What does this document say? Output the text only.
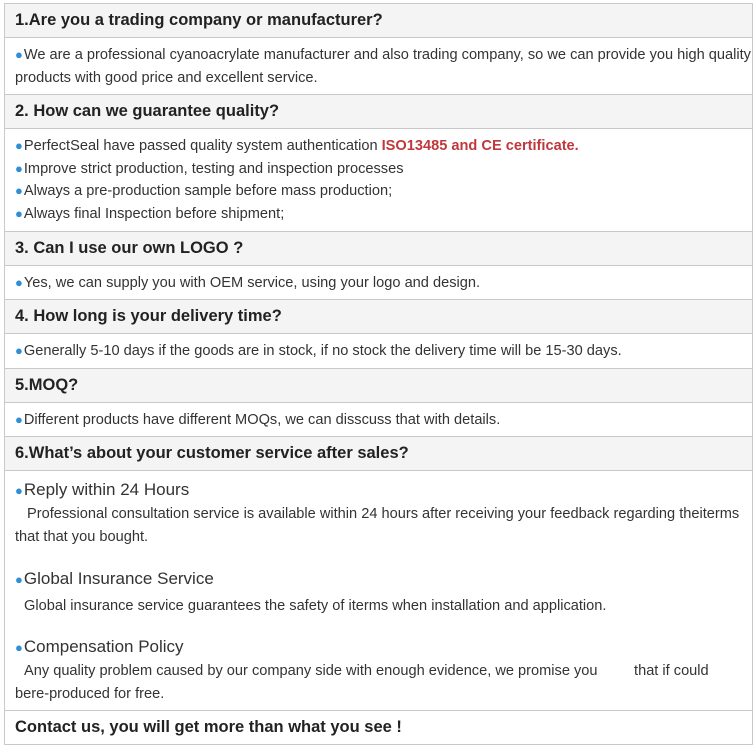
1.Are you a trading company or manufacturer?
●We are a professional cyanoacrylate manufacturer and also trading company, so we can provide you high quality products with good price and excellent service.
2. How can we guarantee quality?

●PerfectSeal have passed quality system authentication ISO13485 and CE certificate.
●Improve strict production, testing and inspection processes
●Always a pre-production sample before mass production;
●Always final Inspection before shipment;

3. Can I use our own LOGO ?
●Yes, we can supply you with OEM service, using your logo and design.
4. How long is your delivery time?
●Generally 5-10 days if the goods are in stock, if no stock the delivery time will be 15-30 days.
5.MOQ?
●Different products have different MOQs, we can disscuss that with details.
6.What’s about your customer service after sales?

●Reply within 24 Hours
Professional consultation service is available within 24 hours after receiving your feedback regarding theiterms that that you bought.
●Global Insurance Service
Global insurance service guarantees the safety of iterms when installation and application.
●Compensation Policy
Any quality problem caused by our company side with enough evidence, we promise you         that if could bere-produced for free.

Contact us, you will get more than what you see !
